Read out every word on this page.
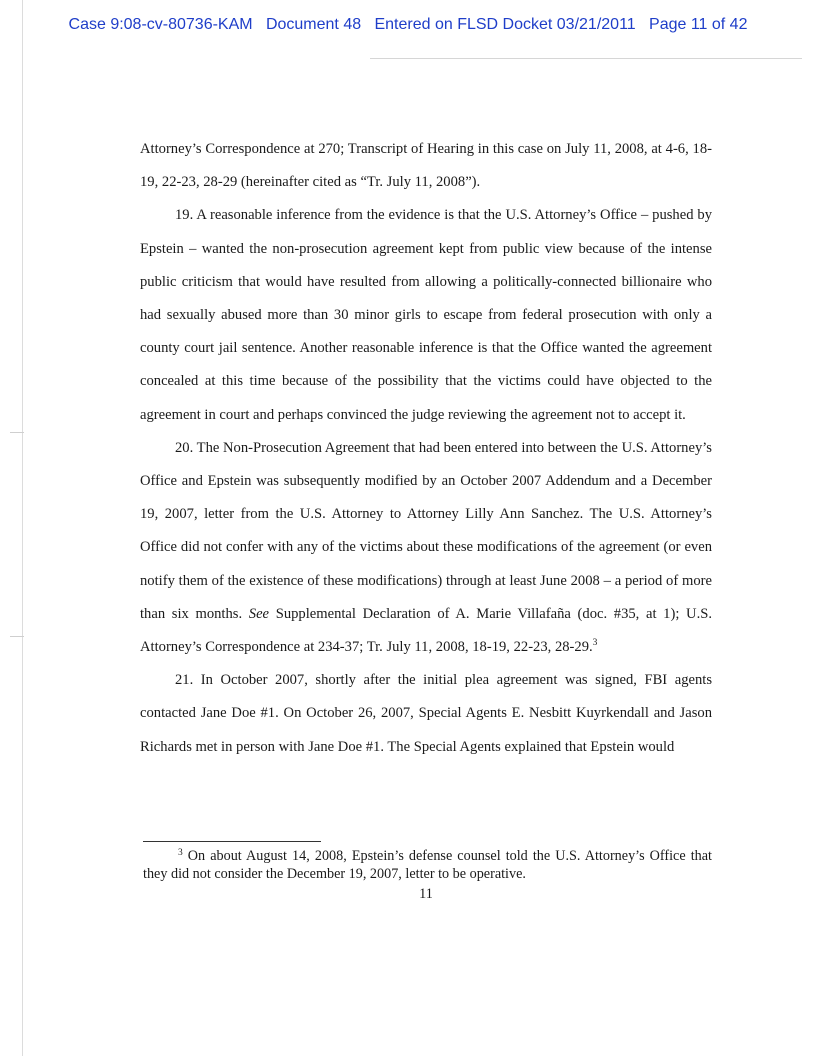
Case 9:08-cv-80736-KAM Document 48 Entered on FLSD Docket 03/21/2011 Page 11 of 42

Attorney’s Correspondence at 270; Transcript of Hearing in this case on July 11, 2008, at 4-6, 18-19, 22-23, 28-29 (hereinafter cited as “Tr. July 11, 2008”).

19. A reasonable inference from the evidence is that the U.S. Attorney’s Office – pushed by Epstein – wanted the non-prosecution agreement kept from public view because of the intense public criticism that would have resulted from allowing a politically-connected billionaire who had sexually abused more than 30 minor girls to escape from federal prosecution with only a county court jail sentence. Another reasonable inference is that the Office wanted the agreement concealed at this time because of the possibility that the victims could have objected to the agreement in court and perhaps convinced the judge reviewing the agreement not to accept it.

20. The Non-Prosecution Agreement that had been entered into between the U.S. Attorney’s Office and Epstein was subsequently modified by an October 2007 Addendum and a December 19, 2007, letter from the U.S. Attorney to Attorney Lilly Ann Sanchez. The U.S. Attorney’s Office did not confer with any of the victims about these modifications of the agreement (or even notify them of the existence of these modifications) through at least June 2008 – a period of more than six months. See Supplemental Declaration of A. Marie Villafaña (doc. #35, at 1); U.S. Attorney’s Correspondence at 234-37; Tr. July 11, 2008, 18-19, 22-23, 28-29.$^3$

21. In October 2007, shortly after the initial plea agreement was signed, FBI agents contacted Jane Doe #1. On October 26, 2007, Special Agents E. Nesbitt Kuyrkendall and Jason Richards met in person with Jane Doe #1. The Special Agents explained that Epstein would

$^3$ On about August 14, 2008, Epstein’s defense counsel told the U.S. Attorney’s Office that they did not consider the December 19, 2007, letter to be operative.

11
